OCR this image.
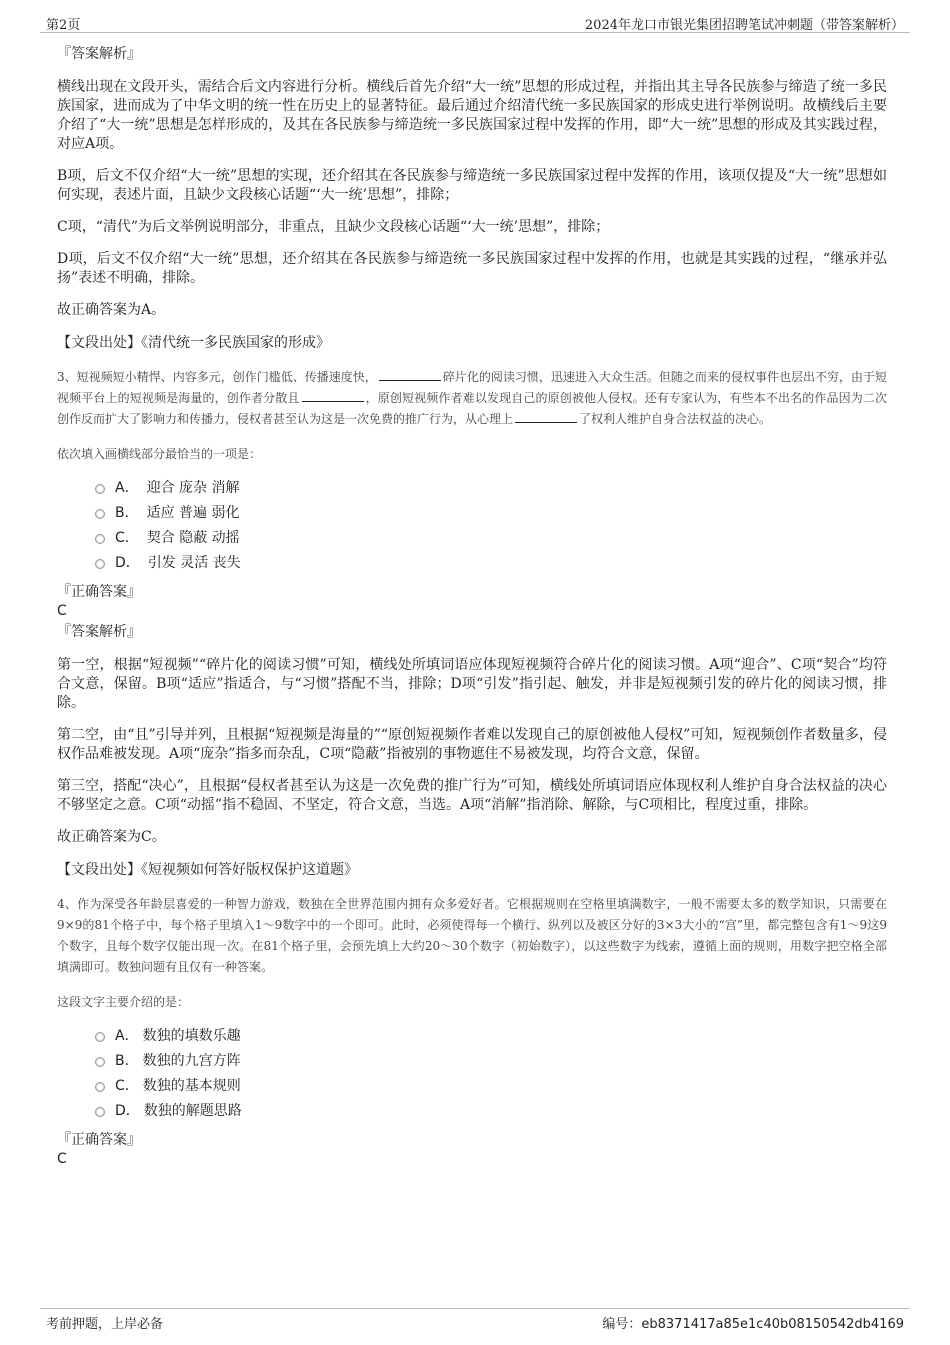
第2页	2024年龙口市银光集团招聘笔试冲刺题（带答案解析）
『答案解析』

横线出现在文段开头，需结合后文内容进行分析。横线后首先介绍“大一统”思想的形成过程，并指出其主导各民族参与缔造了统一多民族国家，进而成为了中华文明的统一性在历史上的显著特征。最后通过介绍清代统一多民族国家的形成史进行举例说明。故横线后主要介绍了“大一统”思想是怎样形成的，及其在各民族参与缔造统一多民族国家过程中发挥的作用，即“大一统”思想的形成及其实践过程，对应A项。

B项，后文不仅介绍“大一统”思想的实现，还介绍其在各民族参与缔造统一多民族国家过程中发挥的作用，该项仅提及“大一统”思想如何实现，表述片面，且缺少文段核心话题“‘大一统’思想”，排除；

C项，“清代”为后文举例说明部分，非重点，且缺少文段核心话题“‘大一统’思想”，排除；

D项，后文不仅介绍“大一统”思想，还介绍其在各民族参与缔造统一多民族国家过程中发挥的作用，也就是其实践的过程，“继承并弘扬”表述不明确，排除。

故正确答案为A。

【文段出处】《清代统一多民族国家的形成》
3、短视频短小精悍、内容多元，创作门槛低、传播速度快，	碎片化的阅读习惯，迅速进入大众生活。但随之而来的侵权事件也层出不穷，由于短视频平台上的短视频是海量的，创作者分散且	，原创短视频作者难以发现自己的原创被他人侵权。还有专家认为，有些本不出名的作品因为二次创作反而扩大了影响力和传播力，侵权者甚至认为这是一次免费的推广行为，从心理上	了权利人维护自身合法权益的决心。
依次填入画横线部分最恰当的一项是：
A． 迎合 庞杂 消解
B． 适应 普遍 弱化
C． 契合 隐蔽 动摇
D． 引发 灵活 丧失
『正确答案』
C
『答案解析』

第一空，根据“短视频”“碎片化的阅读习惯”可知，横线处所填词语应体现短视频符合碎片化的阅读习惯。A项“迎合”、C项“契合”均符合文意，保留。B项“适应”指适合，与“习惯”搭配不当，排除；D项“引发”指引起、触发，并非是短视频引发的碎片化的阅读习惯，排除。

第二空，由“且”引导并列，且根据“短视频是海量的”“原创短视频作者难以发现自己的原创被他人侵权”可知，短视频创作者数量多，侵权作品难被发现。A项“庞杂”指多而杂乱，C项“隐蔽”指被别的事物遮住不易被发现，均符合文意，保留。

第三空，搭配“决心”，且根据“侵权者甚至认为这是一次免费的推广行为”可知，横线处所填词语应体现权利人维护自身合法权益的决心不够坚定之意。C项“动摇”指不稳固、不坚定，符合文意，当选。A项“消解”指消除、解除，与C项相比，程度过重，排除。

故正确答案为C。

【文段出处】《短视频如何答好版权保护这道题》
4、作为深受各年龄层喜爱的一种智力游戏，数独在全世界范围内拥有众多爱好者。它根据规则在空格里填满数字，一般不需要太多的数学知识，只需要在9×9的81个格子中，每个格子里填入1～9数字中的一个即可。此时，必须使得每一个横行、纵列以及被区分好的3×3大小的“宫”里，都完整包含有1～9这9个数字，且每个数字仅能出现一次。在81个格子里，会预先填上大约20～30个数字（初始数字），以这些数字为线索，遵循上面的规则，用数字把空格全部填满即可。数独问题有且仅有一种答案。
这段文字主要介绍的是：
A． 数独的填数乐趣
B． 数独的九宫方阵
C． 数独的基本规则
D． 数独的解题思路
『正确答案』
C
考前押题，上岸必备	编号：eb8371417a85e1c40b08150542db4169
